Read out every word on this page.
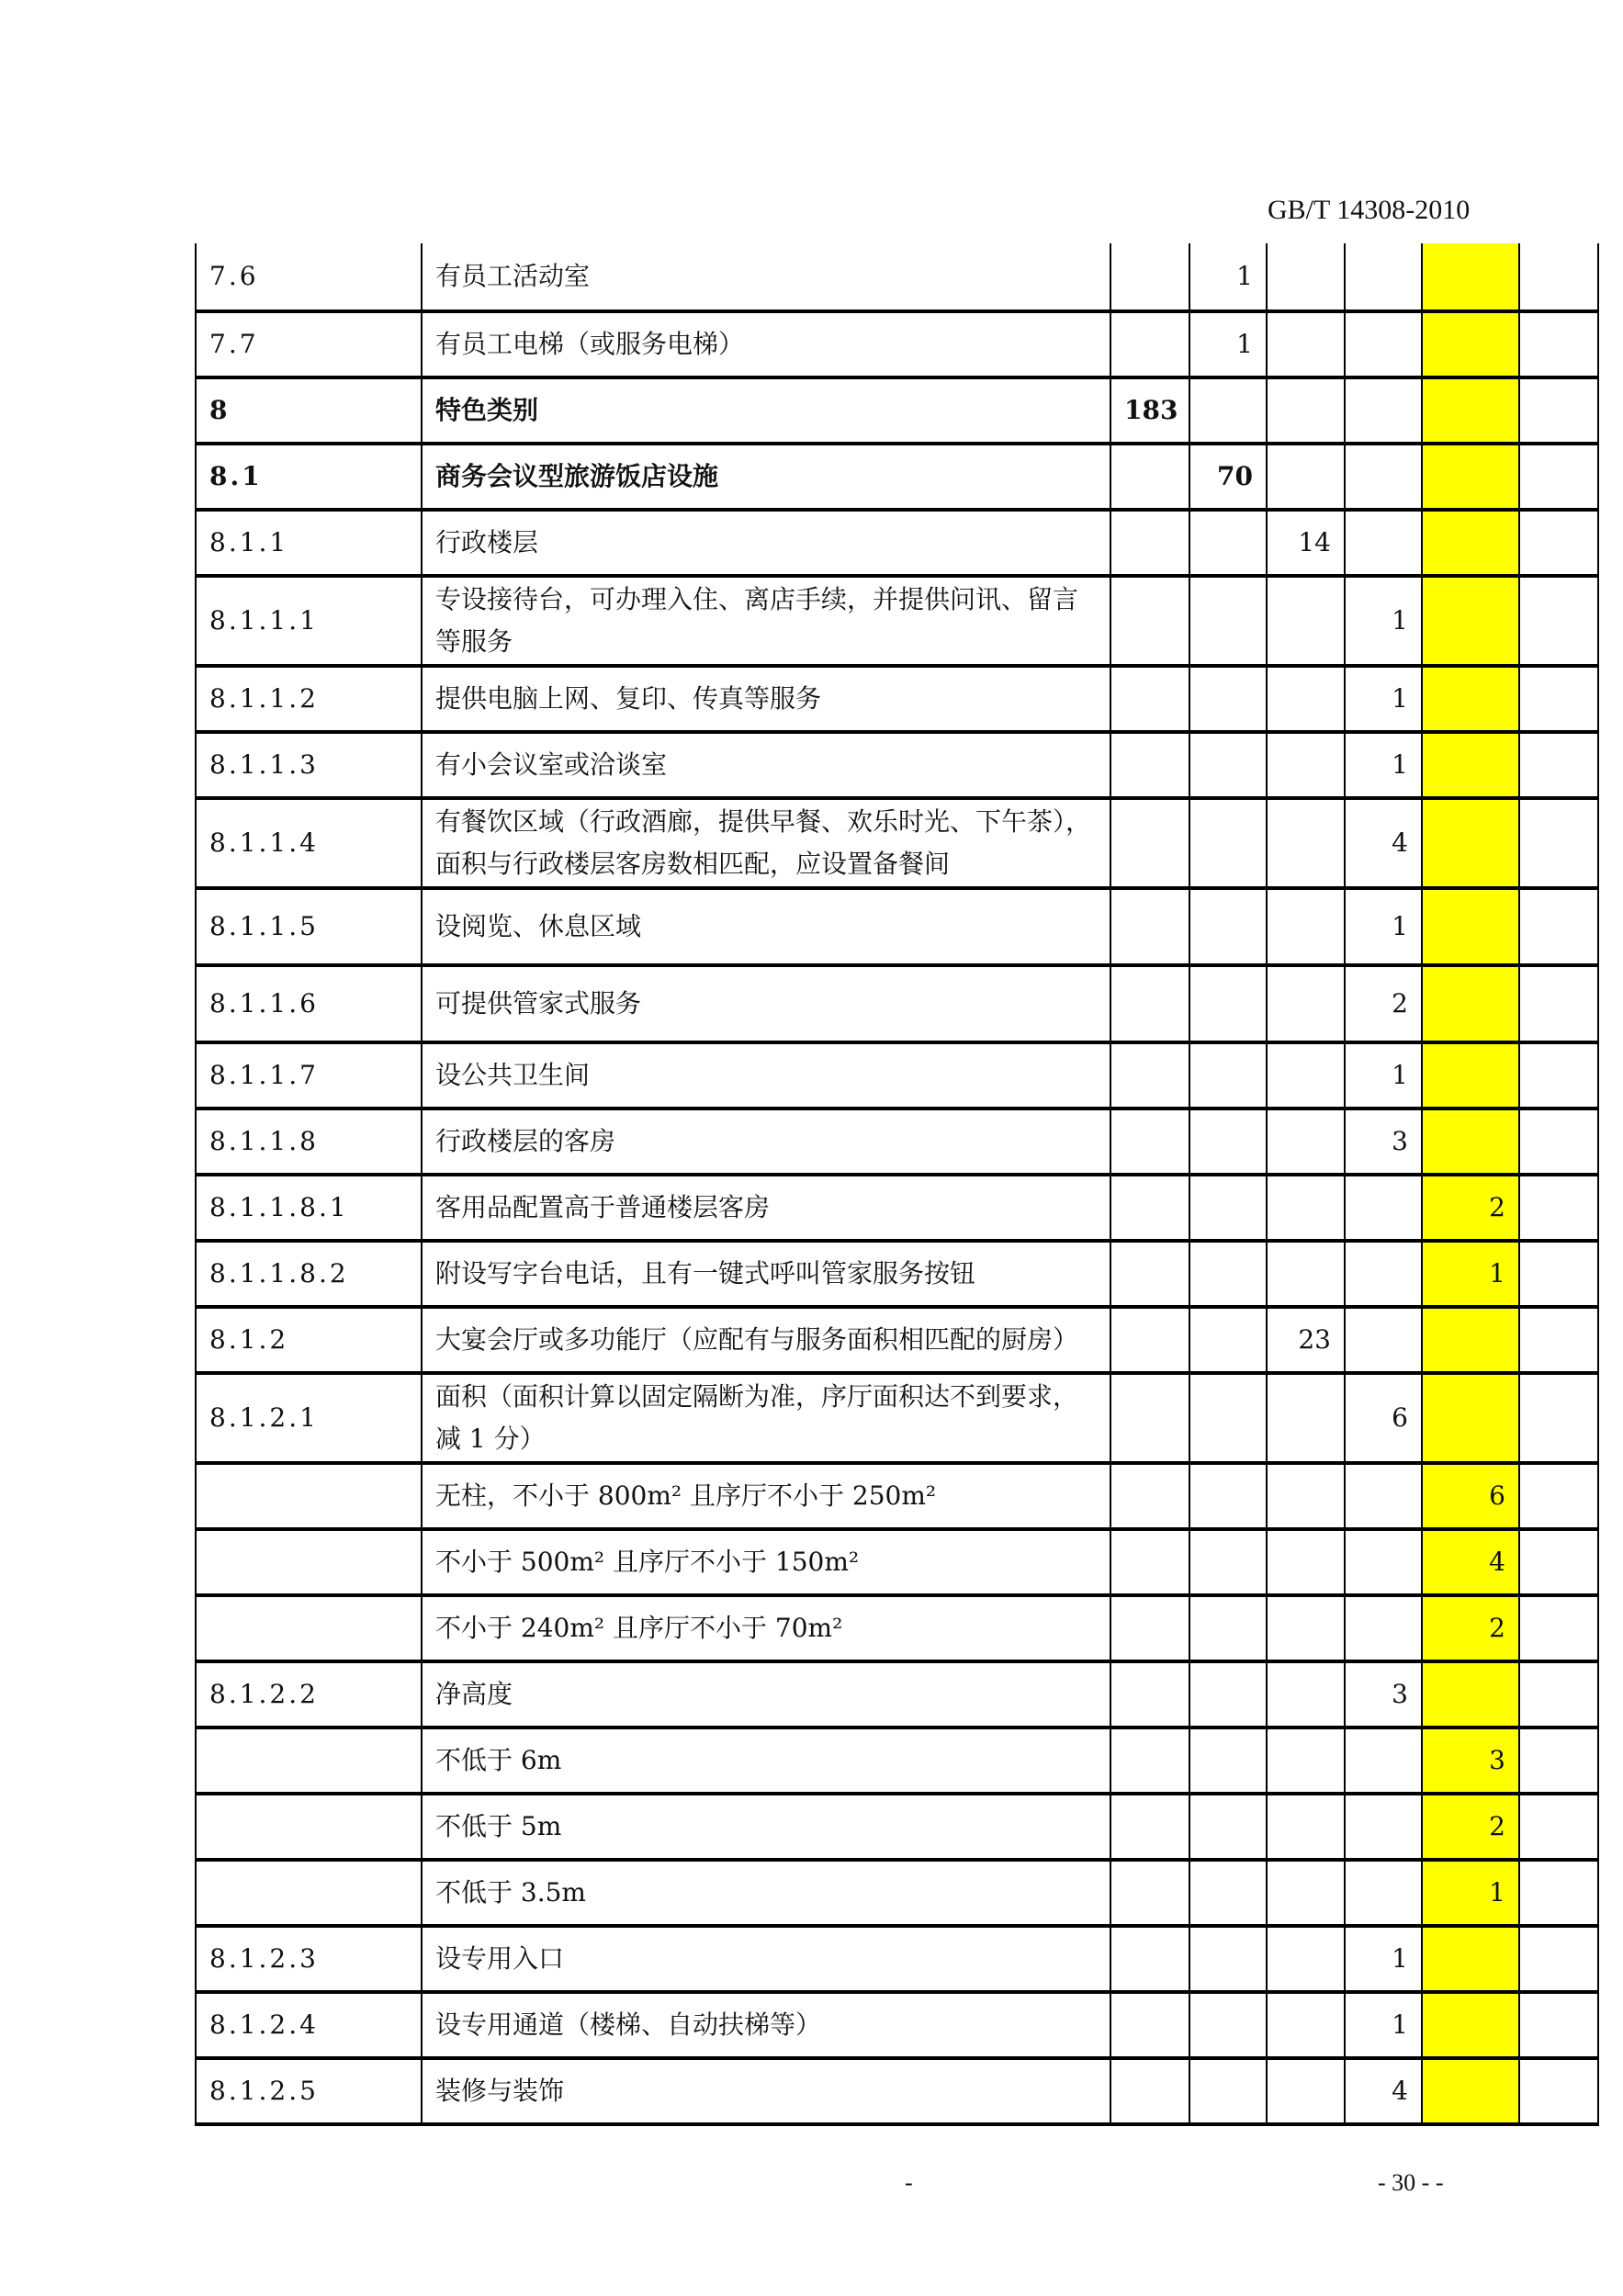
GB/T 14308-2010
7.6	有员工活动室		1				
7.7	有员工电梯（或服务电梯）		1				
8	特色类别	183					
8.1	商务会议型旅游饭店设施		70				
8.1.1	行政楼层			14			
8.1.1.1	专设接待台，可办理入住、离店手续，并提供问讯、留言等服务				1		
8.1.1.2	提供电脑上网、复印、传真等服务				1		
8.1.1.3	有小会议室或洽谈室				1		
8.1.1.4	有餐饮区域（行政酒廊，提供早餐、欢乐时光、下午茶），面积与行政楼层客房数相匹配，应设置备餐间				4		
8.1.1.5	设阅览、休息区域				1		
8.1.1.6	可提供管家式服务				2		
8.1.1.7	设公共卫生间				1		
8.1.1.8	行政楼层的客房				3		
8.1.1.8.1	客用品配置高于普通楼层客房					2	
8.1.1.8.2	附设写字台电话，且有一键式呼叫管家服务按钮					1	
8.1.2	大宴会厅或多功能厅（应配有与服务面积相匹配的厨房）			23			
8.1.2.1	面积（面积计算以固定隔断为准，序厅面积达不到要求，减 1 分）				6		
	无柱，不小于 800m² 且序厅不小于 250m²					6	
	不小于 500m² 且序厅不小于 150m²					4	
	不小于 240m² 且序厅不小于 70m²					2	
8.1.2.2	净高度				3		
	不低于 6m					3	
	不低于 5m					2	
	不低于 3.5m					1	
8.1.2.3	设专用入口				1		
8.1.2.4	设专用通道（楼梯、自动扶梯等）				1		
8.1.2.5	装修与装饰				4		
-	- 30 - -
